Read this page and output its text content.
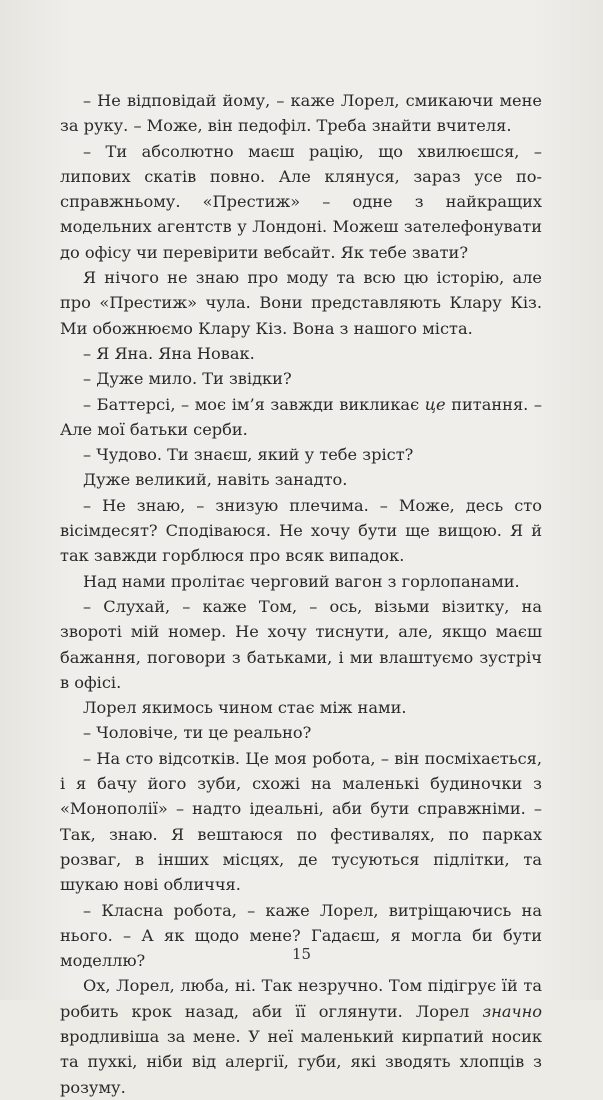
– Не відповідай йому, – каже Лорел, смикаючи мене за руку. – Може, він педофіл. Треба знайти вчителя.

– Ти абсолютно маєш рацію, що хвилюєшся, – липових скатів повно. Але клянуся, зараз усе по-справжньому. «Престиж» – одне з найкращих модельних агентств у Лондоні. Можеш зателефонувати до офісу чи перевірити вебсайт. Як тебе звати?

Я нічого не знаю про моду та всю цю історію, але про «Престиж» чула. Вони представляють Клару Кіз. Ми обожнюємо Клару Кіз. Вона з нашого міста.

– Я Яна. Яна Новак.

– Дуже мило. Ти звідки?

– Баттерсі, – моє ім’я завжди викликає це питання. – Але мої батьки серби.

– Чудово. Ти знаєш, який у тебе зріст?

Дуже великий, навіть занадто.

– Не знаю, – знизую плечима. – Може, десь сто вісімдесят? Сподіваюся. Не хочу бути ще вищою. Я й так завжди горблюся про всяк випадок.

Над нами пролітає черговий вагон з горлопанами.

– Слухай, – каже Том, – ось, візьми візитку, на звороті мій номер. Не хочу тиснути, але, якщо маєш бажання, поговори з батьками, і ми влаштуємо зустріч в офісі.

Лорел якимось чином стає між нами.

– Чоловіче, ти це реально?

– На сто відсотків. Це моя робота, – він посміхається, і я бачу його зуби, схожі на маленькі будиночки з «Монополії» – надто ідеальні, аби бути справжніми. – Так, знаю. Я вештаюся по фестивалях, по парках розваг, в інших місцях, де тусуються підлітки, та шукаю нові обличчя.

– Класна робота, – каже Лорел, витріщаючись на нього. – А як щодо мене? Гадаєш, я могла би бути моделлю?

Ох, Лорел, люба, ні. Так незручно. Том підігрує їй та робить крок назад, аби її оглянути. Лорел значно вродливіша за мене. У неї маленький кирпатий носик та пухкі, ніби від алергії, губи, які зводять хлопців з розуму.

15
